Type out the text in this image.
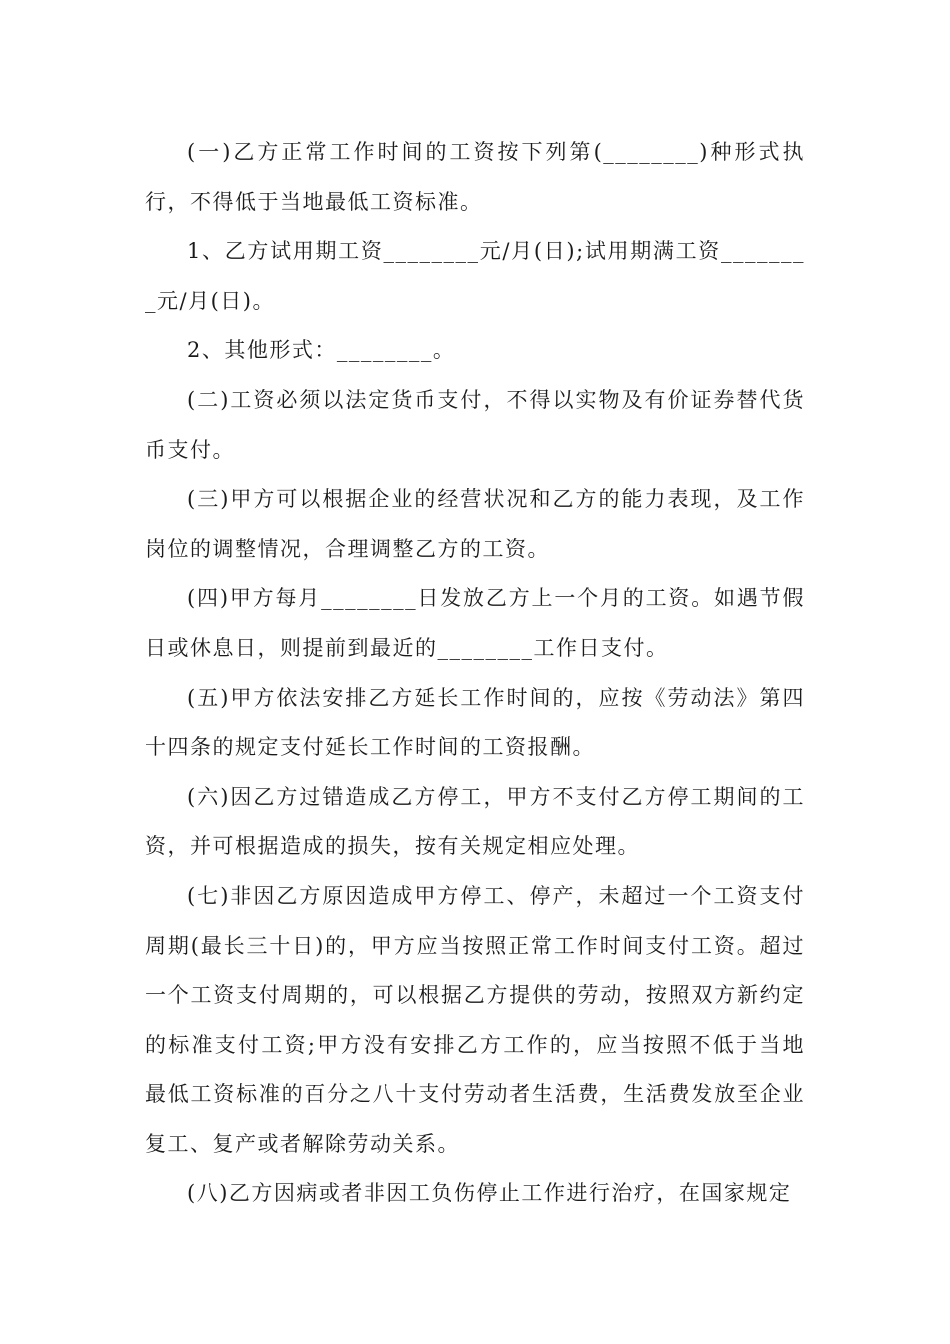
(一)乙方正常工作时间的工资按下列第(________)种形式执行，不得低于当地最低工资标准。

1、乙方试用期工资________元/月(日);试用期满工资________元/月(日)。

2、其他形式：________。

(二)工资必须以法定货币支付，不得以实物及有价证券替代货币支付。

(三)甲方可以根据企业的经营状况和乙方的能力表现，及工作岗位的调整情况，合理调整乙方的工资。

(四)甲方每月________日发放乙方上一个月的工资。如遇节假日或休息日，则提前到最近的________工作日支付。

(五)甲方依法安排乙方延长工作时间的，应按《劳动法》第四十四条的规定支付延长工作时间的工资报酬。

(六)因乙方过错造成乙方停工，甲方不支付乙方停工期间的工资，并可根据造成的损失，按有关规定相应处理。

(七)非因乙方原因造成甲方停工、停产，未超过一个工资支付周期(最长三十日)的，甲方应当按照正常工作时间支付工资。超过一个工资支付周期的，可以根据乙方提供的劳动，按照双方新约定的标准支付工资;甲方没有安排乙方工作的，应当按照不低于当地最低工资标准的百分之八十支付劳动者生活费，生活费发放至企业复工、复产或者解除劳动关系。

(八)乙方因病或者非因工负伤停止工作进行治疗，在国家规定
